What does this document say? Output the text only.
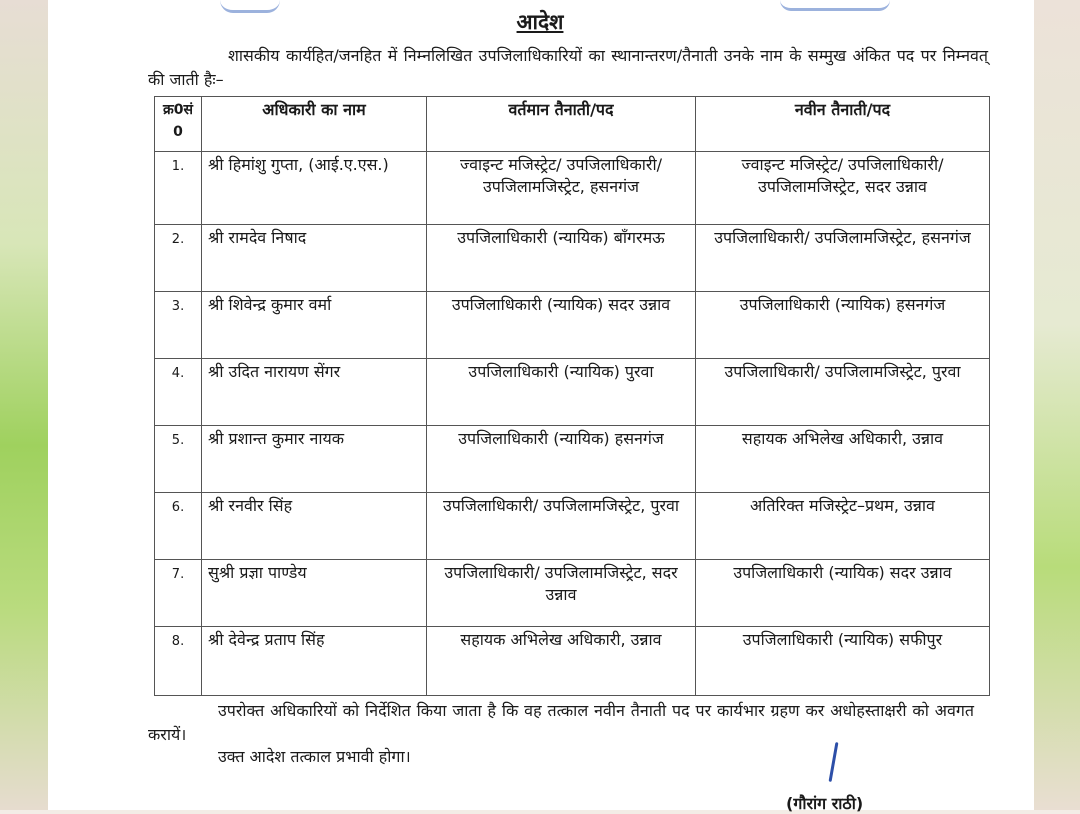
आदेश
शासकीय कार्यहित/जनहित में निम्नलिखित उपजिलाधिकारियों का स्थानान्तरण/तैनाती उनके नाम के सम्मुख अंकित पद पर निम्नवत् की जाती हैः–
क्र0सं 0	अधिकारी का नाम	वर्तमान तैनाती/पद	नवीन तैनाती/पद
1.	श्री हिमांशु गुप्ता, (आई.ए.एस.)	ज्वाइन्ट मजिस्ट्रेट/ उपजिलाधिकारी/ उपजिलामजिस्ट्रेट, हसनगंज	ज्वाइन्ट मजिस्ट्रेट/ उपजिलाधिकारी/ उपजिलामजिस्ट्रेट, सदर उन्नाव
2.	श्री रामदेव निषाद	उपजिलाधिकारी (न्यायिक) बाँगरमऊ	उपजिलाधिकारी/ उपजिलामजिस्ट्रेट, हसनगंज
3.	श्री शिवेन्द्र कुमार वर्मा	उपजिलाधिकारी (न्यायिक) सदर उन्नाव	उपजिलाधिकारी (न्यायिक) हसनगंज
4.	श्री उदित नारायण सेंगर	उपजिलाधिकारी (न्यायिक) पुरवा	उपजिलाधिकारी/ उपजिलामजिस्ट्रेट, पुरवा
5.	श्री प्रशान्त कुमार नायक	उपजिलाधिकारी (न्यायिक) हसनगंज	सहायक अभिलेख अधिकारी, उन्नाव
6.	श्री रनवीर सिंह	उपजिलाधिकारी/ उपजिलामजिस्ट्रेट, पुरवा	अतिरिक्त मजिस्ट्रेट–प्रथम, उन्नाव
7.	सुश्री प्रज्ञा पाण्डेय	उपजिलाधिकारी/ उपजिलामजिस्ट्रेट, सदर उन्नाव	उपजिलाधिकारी (न्यायिक) सदर उन्नाव
8.	श्री देवेन्द्र प्रताप सिंह	सहायक अभिलेख अधिकारी, उन्नाव	उपजिलाधिकारी (न्यायिक) सफीपुर
उपरोक्त अधिकारियों को निर्देशित किया जाता है कि वह तत्काल नवीन तैनाती पद पर कार्यभार ग्रहण कर अधोहस्ताक्षरी को अवगत करायें।
उक्त आदेश तत्काल प्रभावी होगा।
(गौरांग राठी)
